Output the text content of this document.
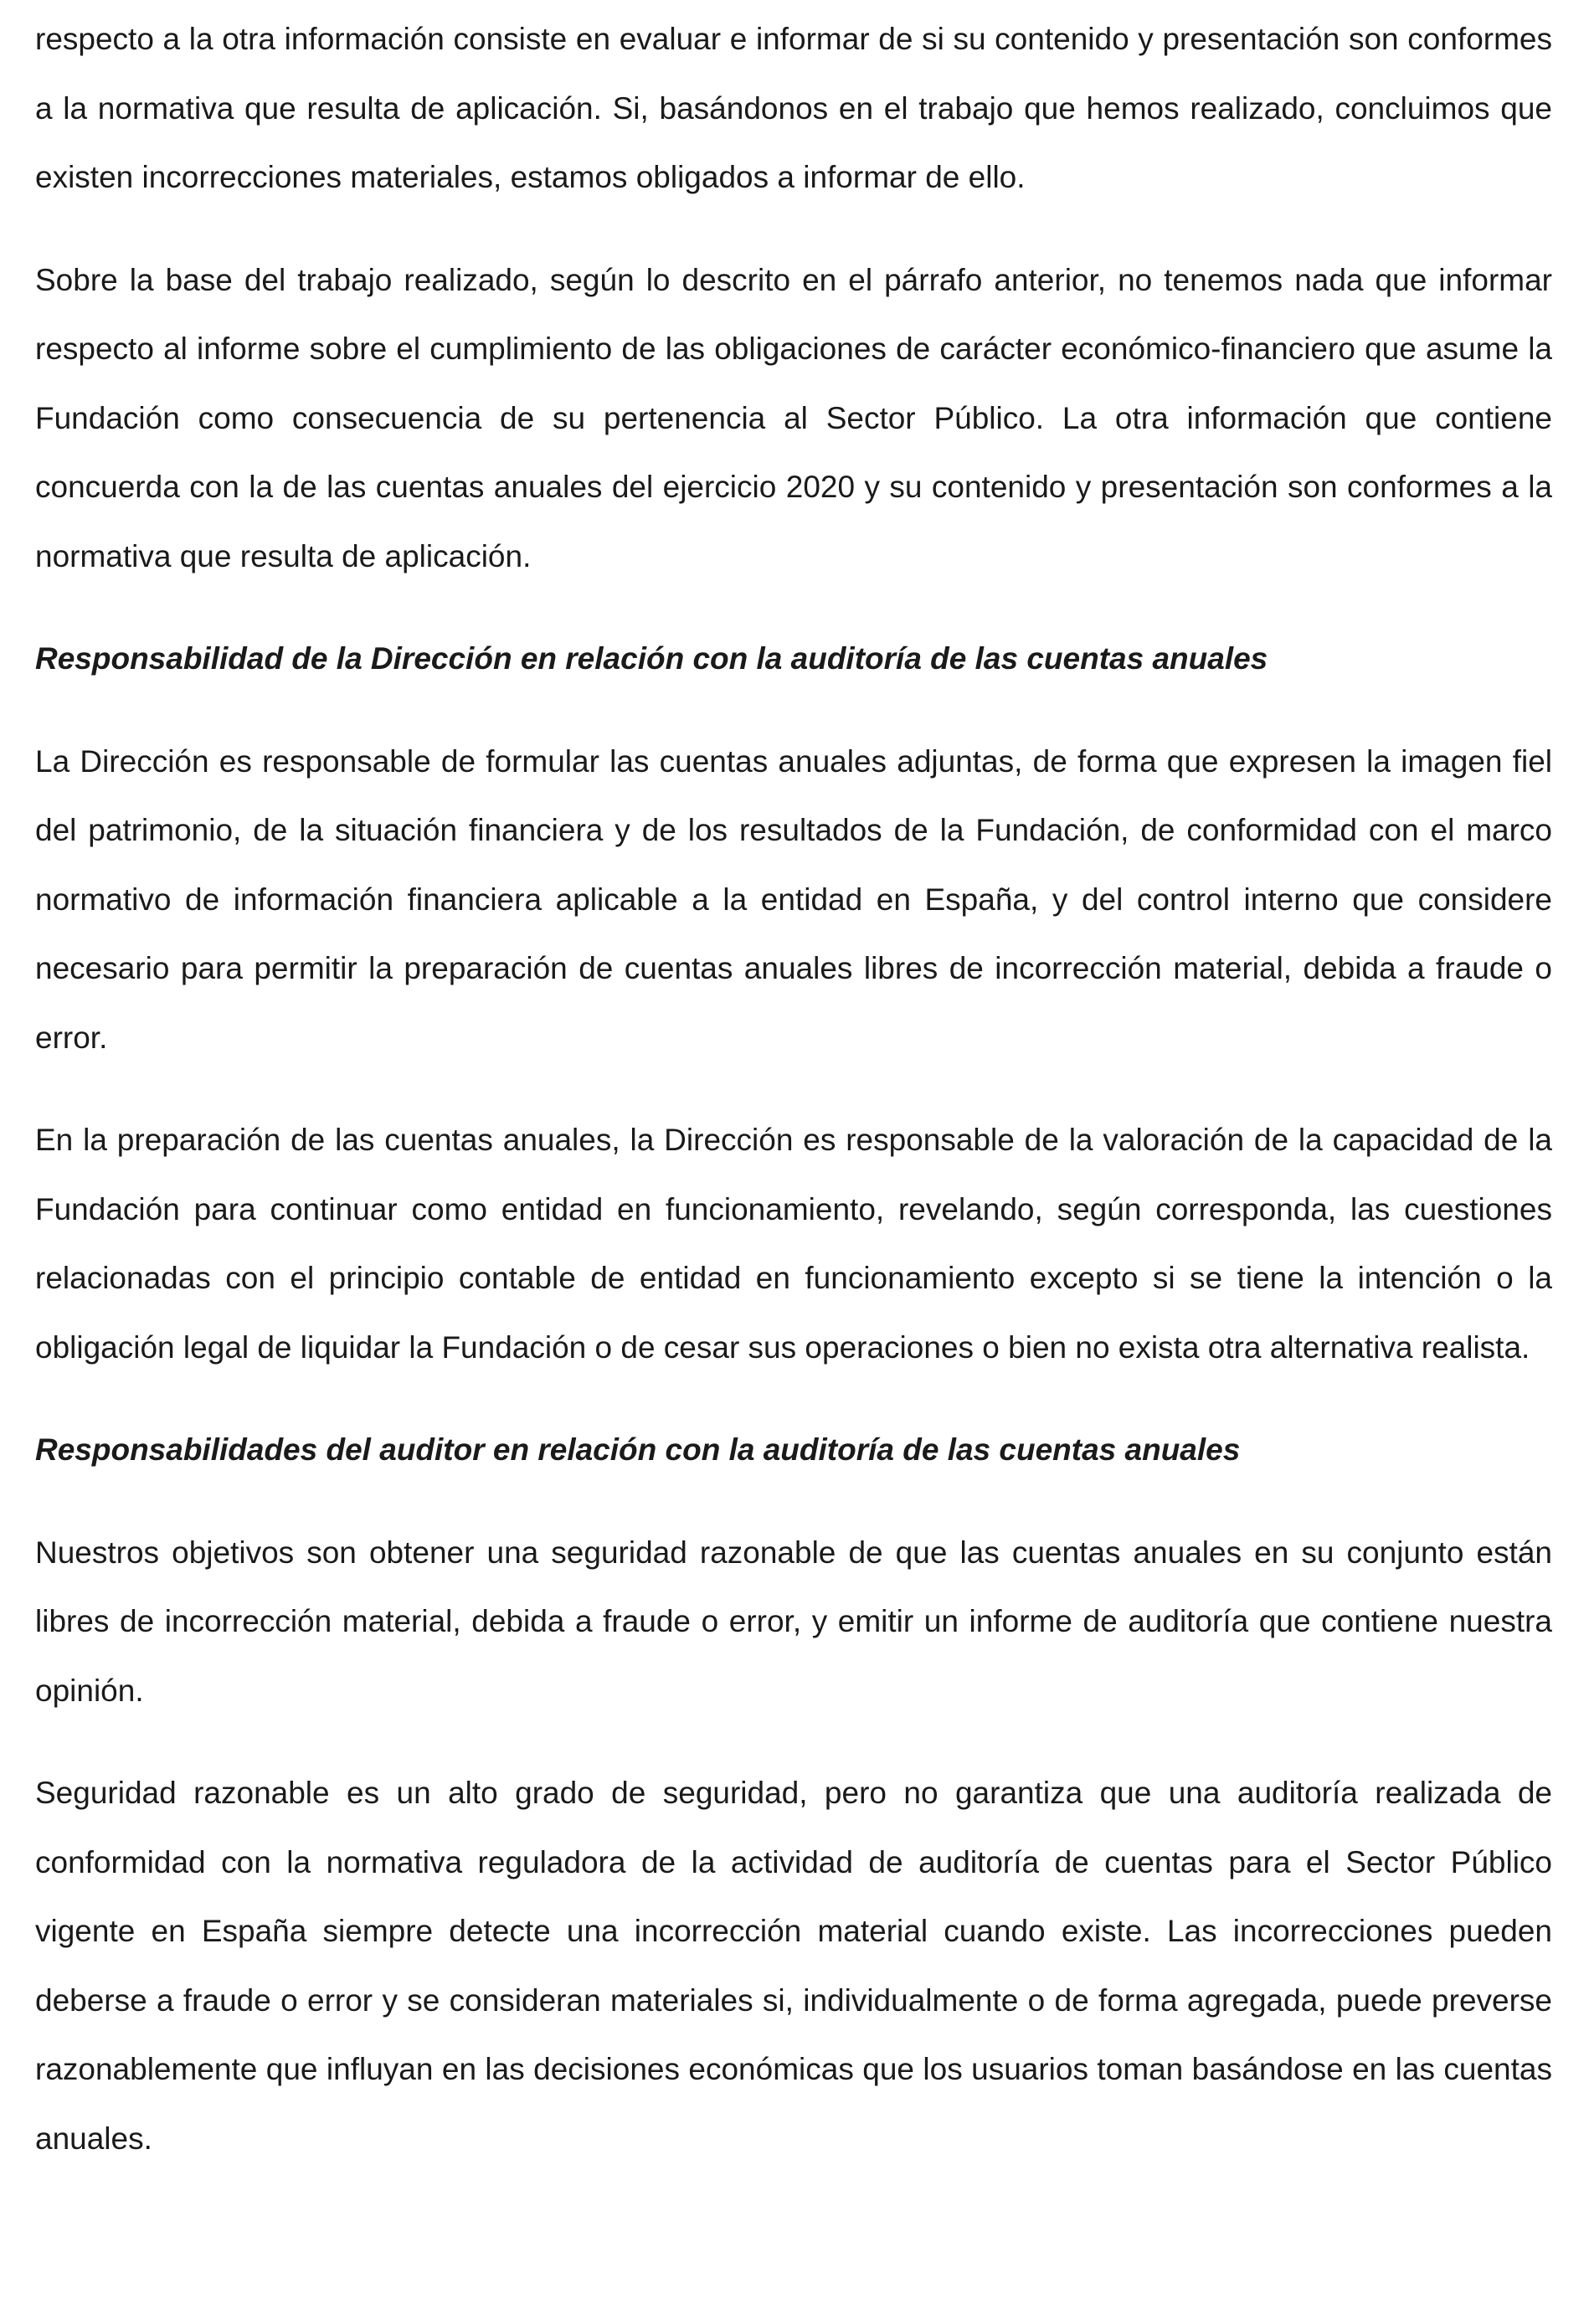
respecto a la otra información consiste en evaluar e informar de si su contenido y presentación son conformes a la normativa que resulta de aplicación. Si, basándonos en el trabajo que hemos realizado, concluimos que existen incorrecciones materiales, estamos obligados a informar de ello.

Sobre la base del trabajo realizado, según lo descrito en el párrafo anterior, no tenemos nada que informar respecto al informe sobre el cumplimiento de las obligaciones de carácter económico-financiero que asume la Fundación como consecuencia de su pertenencia al Sector Público. La otra información que contiene concuerda con la de las cuentas anuales del ejercicio 2020 y su contenido y presentación son conformes a la normativa que resulta de aplicación.

Responsabilidad de la Dirección en relación con la auditoría de las cuentas anuales

La Dirección es responsable de formular las cuentas anuales adjuntas, de forma que expresen la imagen fiel del patrimonio, de la situación financiera y de los resultados de la Fundación, de conformidad con el marco normativo de información financiera aplicable a la entidad en España, y del control interno que considere necesario para permitir la preparación de cuentas anuales libres de incorrección material, debida a fraude o error.

En la preparación de las cuentas anuales, la Dirección es responsable de la valoración de la capacidad de la Fundación para continuar como entidad en funcionamiento, revelando, según corresponda, las cuestiones relacionadas con el principio contable de entidad en funcionamiento excepto si se tiene la intención o la obligación legal de liquidar la Fundación o de cesar sus operaciones o bien no exista otra alternativa realista.

Responsabilidades del auditor en relación con la auditoría de las cuentas anuales

Nuestros objetivos son obtener una seguridad razonable de que las cuentas anuales en su conjunto están libres de incorrección material, debida a fraude o error, y emitir un informe de auditoría que contiene nuestra opinión.

Seguridad razonable es un alto grado de seguridad, pero no garantiza que una auditoría realizada de conformidad con la normativa reguladora de la actividad de auditoría de cuentas para el Sector Público vigente en España siempre detecte una incorrección material cuando existe. Las incorrecciones pueden deberse a fraude o error y se consideran materiales si, individualmente o de forma agregada, puede preverse razonablemente que influyan en las decisiones económicas que los usuarios toman basándose en las cuentas anuales.
